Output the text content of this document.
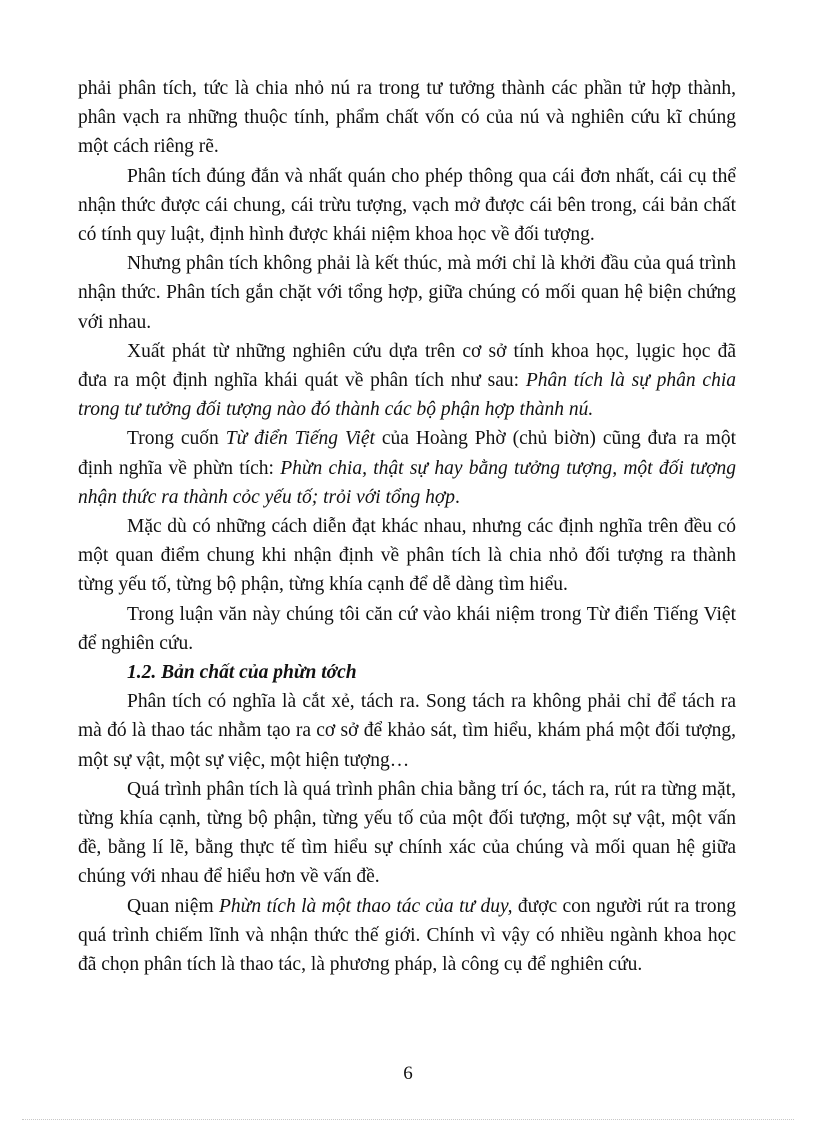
phải phân tích, tức là chia nhỏ nú ra trong tư tưởng thành các phần tử hợp thành, phân vạch ra những thuộc tính, phẩm chất vốn có của nú và nghiên cứu kĩ chúng một cách riêng rẽ.

Phân tích đúng đắn và nhất quán cho phép thông qua cái đơn nhất, cái cụ thể nhận thức được cái chung, cái trừu tượng, vạch mở được cái bên trong, cái bản chất có tính quy luật, định hình được khái niệm khoa học về đối tượng.

Nhưng phân tích không phải là kết thúc, mà mới chỉ là khởi đầu của quá trình nhận thức. Phân tích gắn chặt với tổng hợp, giữa chúng có mối quan hệ biện chứng với nhau.

Xuất phát từ những nghiên cứu dựa trên cơ sở tính khoa học, lụgic học đã đưa ra một định nghĩa khái quát về phân tích như sau: Phân tích là sự phân chia trong tư tưởng đối tượng nào đó thành các bộ phận hợp thành nú.

Trong cuốn Từ điển Tiếng Việt của Hoàng Phờ (chủ biờn) cũng đưa ra một định nghĩa về phừn tích: Phừn chia, thật sự hay bằng tưởng tượng, một đối tượng nhận thức ra thành cỏc yếu tố; trỏi với tổng hợp.

Mặc dù có những cách diễn đạt khác nhau, nhưng các định nghĩa trên đều có một quan điểm chung khi nhận định về phân tích là chia nhỏ đối tượng ra thành từng yếu tố, từng bộ phận, từng khía cạnh để dễ dàng tìm hiểu.

Trong luận văn này chúng tôi căn cứ vào khái niệm trong Từ điển Tiếng Việt để nghiên cứu.

1.2. Bản chất của phừn tớch

Phân tích có nghĩa là cắt xẻ, tách ra. Song tách ra không phải chỉ để tách ra mà đó là thao tác nhằm tạo ra cơ sở để khảo sát, tìm hiểu, khám phá một đối tượng, một sự vật, một sự việc, một hiện tượng…

Quá trình phân tích là quá trình phân chia bằng trí óc, tách ra, rút ra từng mặt, từng khía cạnh, từng bộ phận, từng yếu tố của một đối tượng, một sự vật, một vấn đề, bằng lí lẽ, bằng thực tế tìm hiểu sự chính xác của chúng và mối quan hệ giữa chúng với nhau để hiểu hơn về vấn đề.

Quan niệm Phừn tích là một thao tác của tư duy, được con người rút ra trong quá trình chiếm lĩnh và nhận thức thế giới. Chính vì vậy có nhiều ngành khoa học đã chọn phân tích là thao tác, là phương pháp, là công cụ để nghiên cứu.

6
